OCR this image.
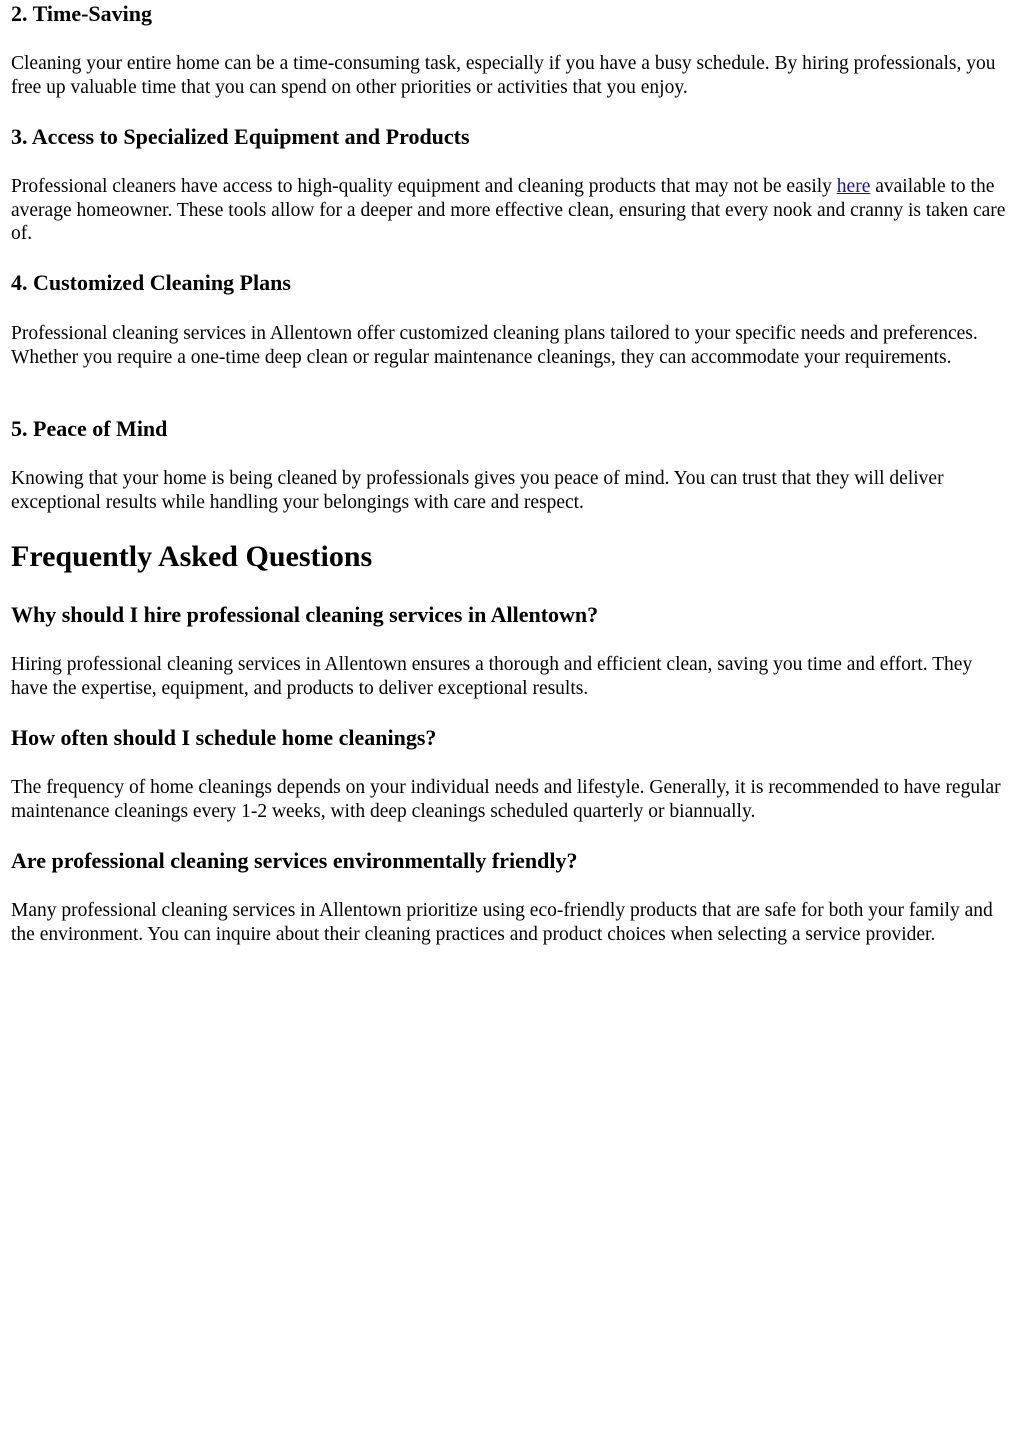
2. Time-Saving

Cleaning your entire home can be a time-consuming task, especially if you have a busy schedule. By hiring professionals, you free up valuable time that you can spend on other priorities or activities that you enjoy.

3. Access to Specialized Equipment and Products

Professional cleaners have access to high-quality equipment and cleaning products that may not be easily here available to the average homeowner. These tools allow for a deeper and more effective clean, ensuring that every nook and cranny is taken care of.

4. Customized Cleaning Plans

Professional cleaning services in Allentown offer customized cleaning plans tailored to your specific needs and preferences. Whether you require a one-time deep clean or regular maintenance cleanings, they can accommodate your requirements.

5. Peace of Mind

Knowing that your home is being cleaned by professionals gives you peace of mind. You can trust that they will deliver exceptional results while handling your belongings with care and respect.

Frequently Asked Questions
Why should I hire professional cleaning services in Allentown?

Hiring professional cleaning services in Allentown ensures a thorough and efficient clean, saving you time and effort. They have the expertise, equipment, and products to deliver exceptional results.

How often should I schedule home cleanings?

The frequency of home cleanings depends on your individual needs and lifestyle. Generally, it is recommended to have regular maintenance cleanings every 1-2 weeks, with deep cleanings scheduled quarterly or biannually.

Are professional cleaning services environmentally friendly?

Many professional cleaning services in Allentown prioritize using eco-friendly products that are safe for both your family and the environment. You can inquire about their cleaning practices and product choices when selecting a service provider.
